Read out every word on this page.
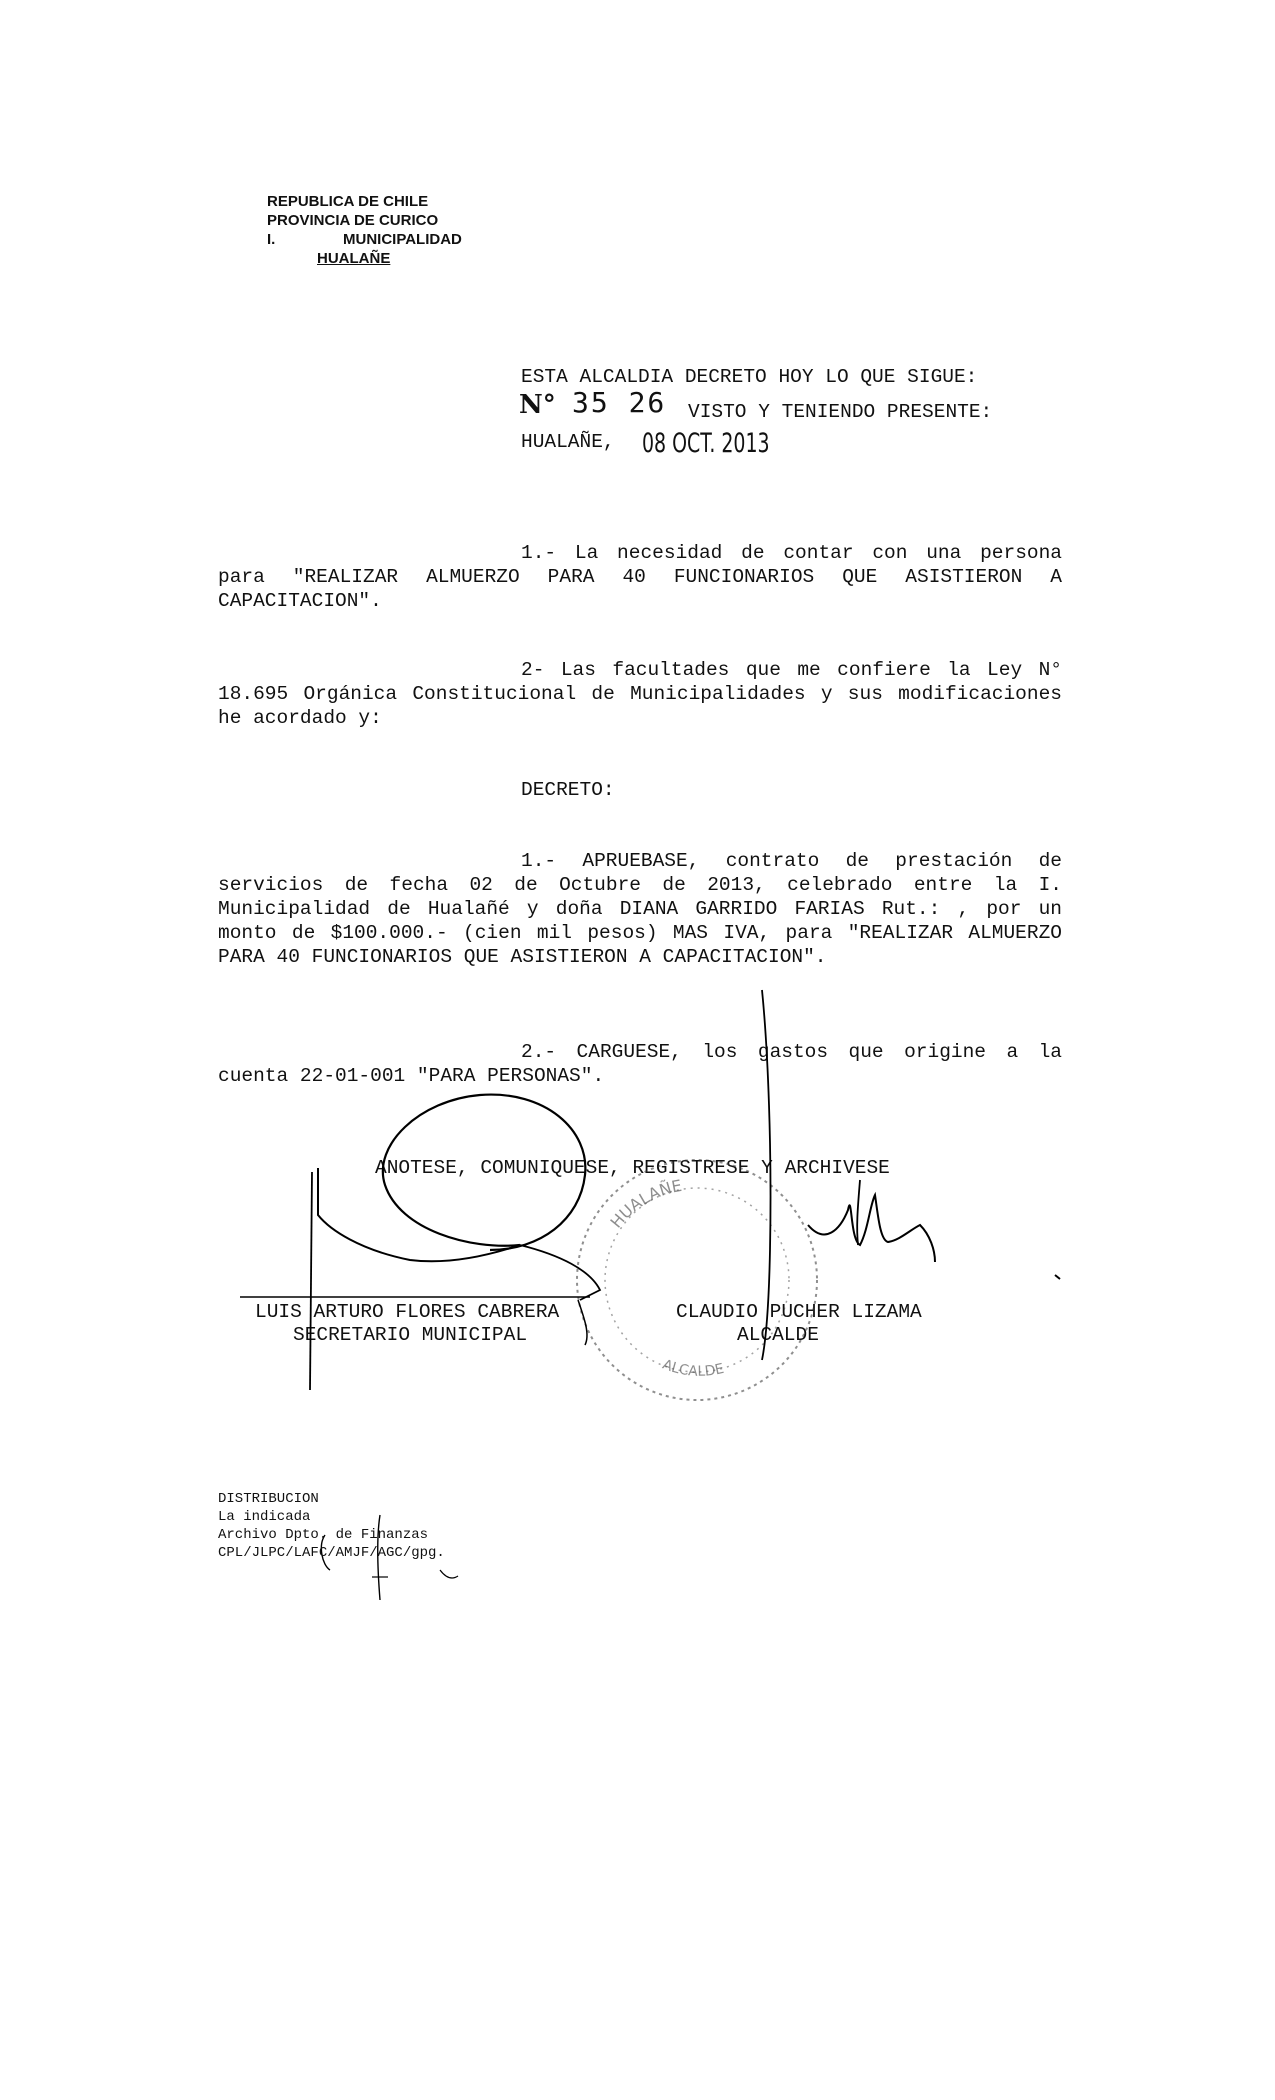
REPUBLICA DE CHILE
PROVINCIA DE CURICO
I.	MUNICIPALIDAD
HUALAÑE
ESTA ALCALDIA DECRETO HOY LO QUE SIGUE:
N° 35 26 VISTO Y TENIENDO PRESENTE:
HUALAÑE, 08 OCT. 2013
1.- La necesidad de contar con una persona para "REALIZAR ALMUERZO PARA 40 FUNCIONARIOS QUE ASISTIERON A CAPACITACION".
2- Las facultades que me confiere la Ley N° 18.695 Orgánica Constitucional de Municipalidades y sus modificaciones he acordado y:
DECRETO:
1.- APRUEBASE, contrato de prestación de servicios de fecha 02 de Octubre de 2013, celebrado entre la I. Municipalidad de Hualañé y doña DIANA GARRIDO FARIAS Rut.: , por un monto de $100.000.- (cien mil pesos) MAS IVA, para "REALIZAR ALMUERZO PARA 40 FUNCIONARIOS QUE ASISTIERON A CAPACITACION".
2.- CARGUESE, los gastos que origine a la cuenta 22-01-001 "PARA PERSONAS".
ANOTESE, COMUNIQUESE, REGISTRESE Y ARCHIVESE
LUIS ARTURO FLORES CABRERA
SECRETARIO MUNICIPAL
CLAUDIO PUCHER LIZAMA
ALCALDE
HUALAÑE
ALCALDE
DISTRIBUCION
La indicada
Archivo Dpto. de Finanzas
CPL/JLPC/LAFC/AMJF/AGC/gpg.
